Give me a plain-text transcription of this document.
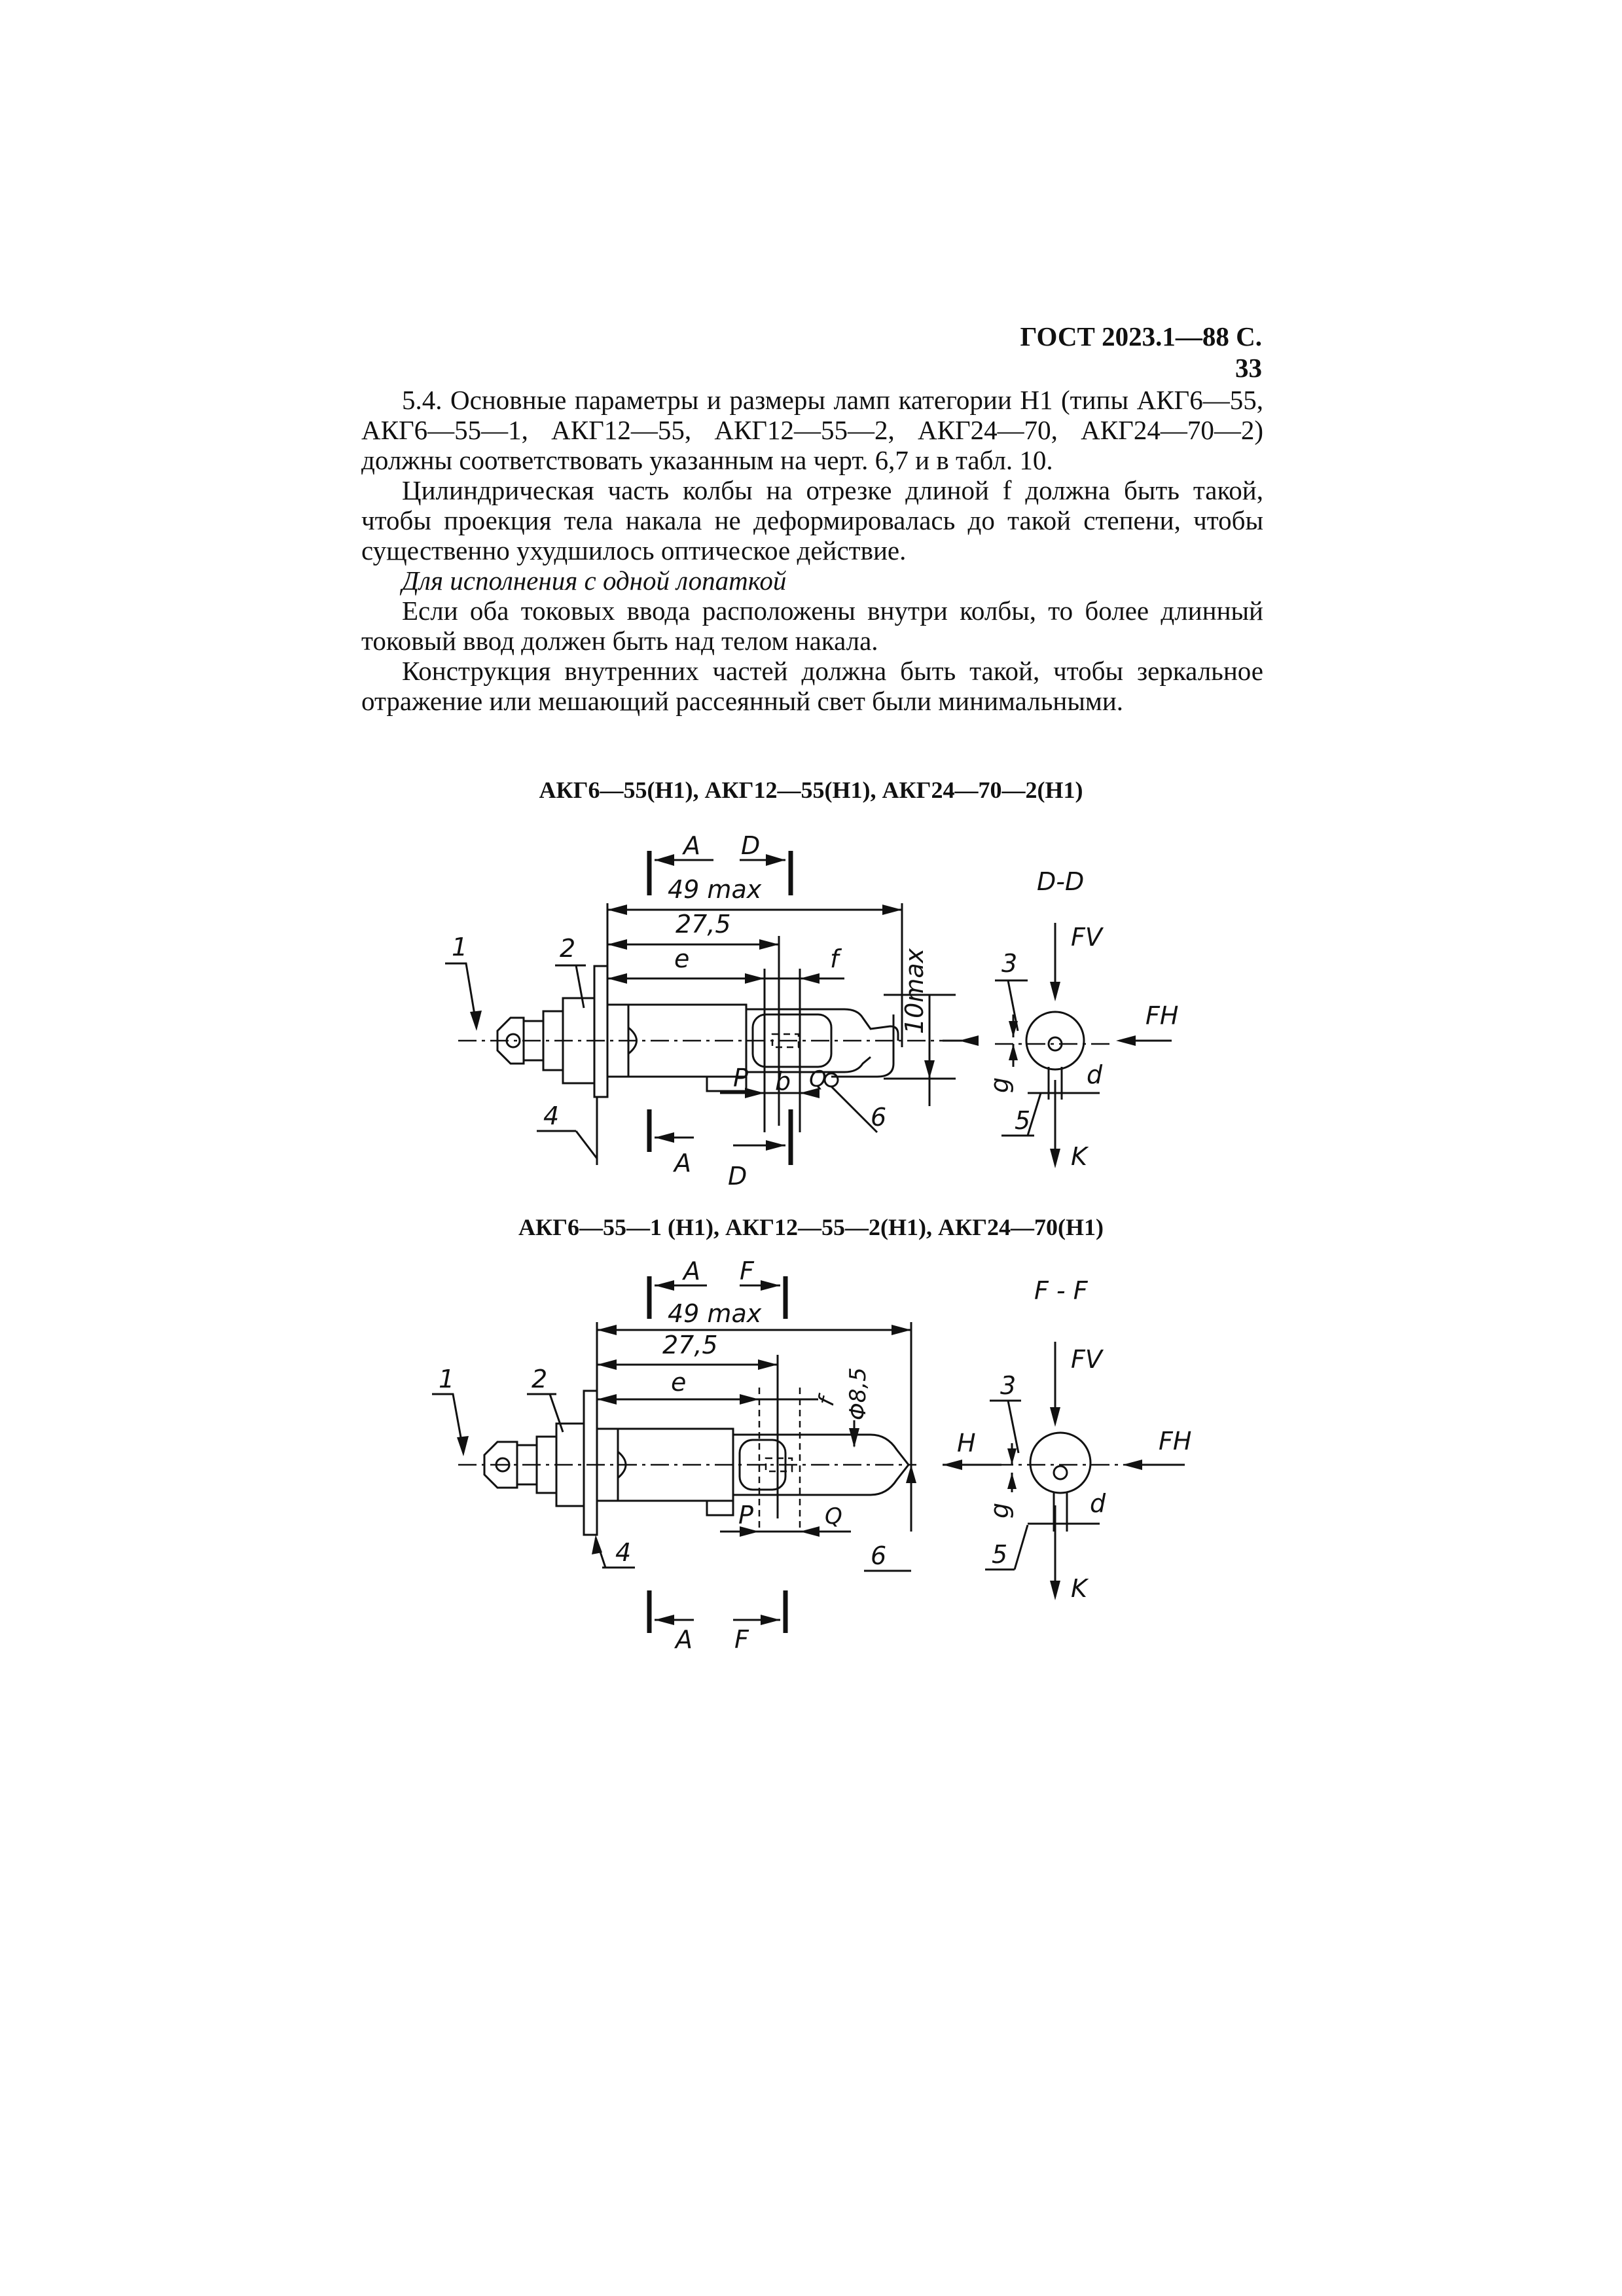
ГОСТ 2023.1—88 С. 33

5.4. Основные параметры и размеры ламп категории Н1 (типы АКГ6—55, АКГ6—55—1, АКГ12—55, АКГ12—55—2, АКГ24—70, АКГ24—70—2) должны соответствовать указанным на черт. 6,7 и в табл. 10.

Цилиндрическая часть колбы на отрезке длиной f должна быть такой, чтобы проекция тела накала не деформировалась до такой степени, чтобы существенно ухудшилось оптическое действие.

Для исполнения с одной лопаткой

Если оба токовых ввода расположены внутри колбы, то более длинный токовый ввод должен быть над телом накала.

Конструкция внутренних частей должна быть такой, чтобы зеркальное отражение или мешающий рассеянный свет были минимальными.

АКГ6—55(Н1), АКГ12—55(Н1), АКГ24—70—2(Н1)
A D
49 max
27,5
e	f 10max
P b Q
1	2
4	6
A D
D-D
FV
FH
K
3
g	d
5
АКГ6—55—1 (Н1), АКГ12—55—2(Н1), АКГ24—70(Н1)
A F
49 max
27,5
e
f Φ8,5
P	Q
1	2
4	6
A F
F - F
FV
FH
H
K
3
g	d
5
